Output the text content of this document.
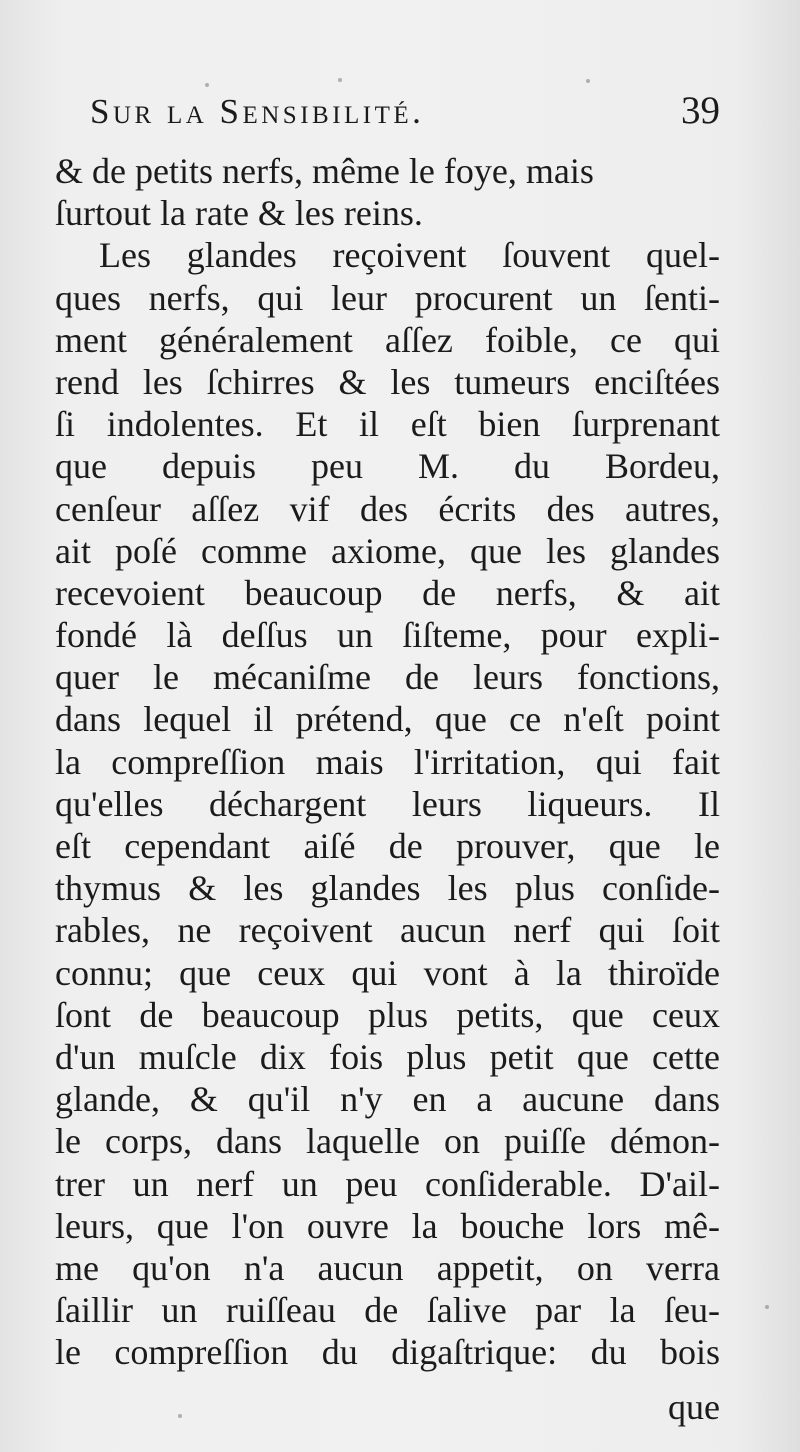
Sur la Sensibilité.	39
& de petits nerfs, même le foye, mais
ſurtout la rate & les reins.
Les glandes reçoivent ſouvent quel-
ques nerfs, qui leur procurent un ſenti-
ment généralement aſſez foible, ce qui
rend les ſchirres & les tumeurs enciſtées
ſi indolentes. Et il eſt bien ſurprenant
que depuis peu M. du Bordeu,
cenſeur aſſez vif des écrits des autres,
ait poſé comme axiome, que les glandes
recevoient beaucoup de nerfs, & ait
fondé là deſſus un ſiſteme, pour expli-
quer le mécaniſme de leurs fonctions,
dans lequel il prétend, que ce n'eſt point
la compreſſion mais l'irritation, qui fait
qu'elles déchargent leurs liqueurs. Il
eſt cependant aiſé de prouver, que le
thymus & les glandes les plus conſide-
rables, ne reçoivent aucun nerf qui ſoit
connu; que ceux qui vont à la thiroïde
ſont de beaucoup plus petits, que ceux
d'un muſcle dix fois plus petit que cette
glande, & qu'il n'y en a aucune dans
le corps, dans laquelle on puiſſe démon-
trer un nerf un peu conſiderable. D'ail-
leurs, que l'on ouvre la bouche lors mê-
me qu'on n'a aucun appetit, on verra
ſaillir un ruiſſeau de ſalive par la ſeu-
le compreſſion du digaſtrique: du bois
que
